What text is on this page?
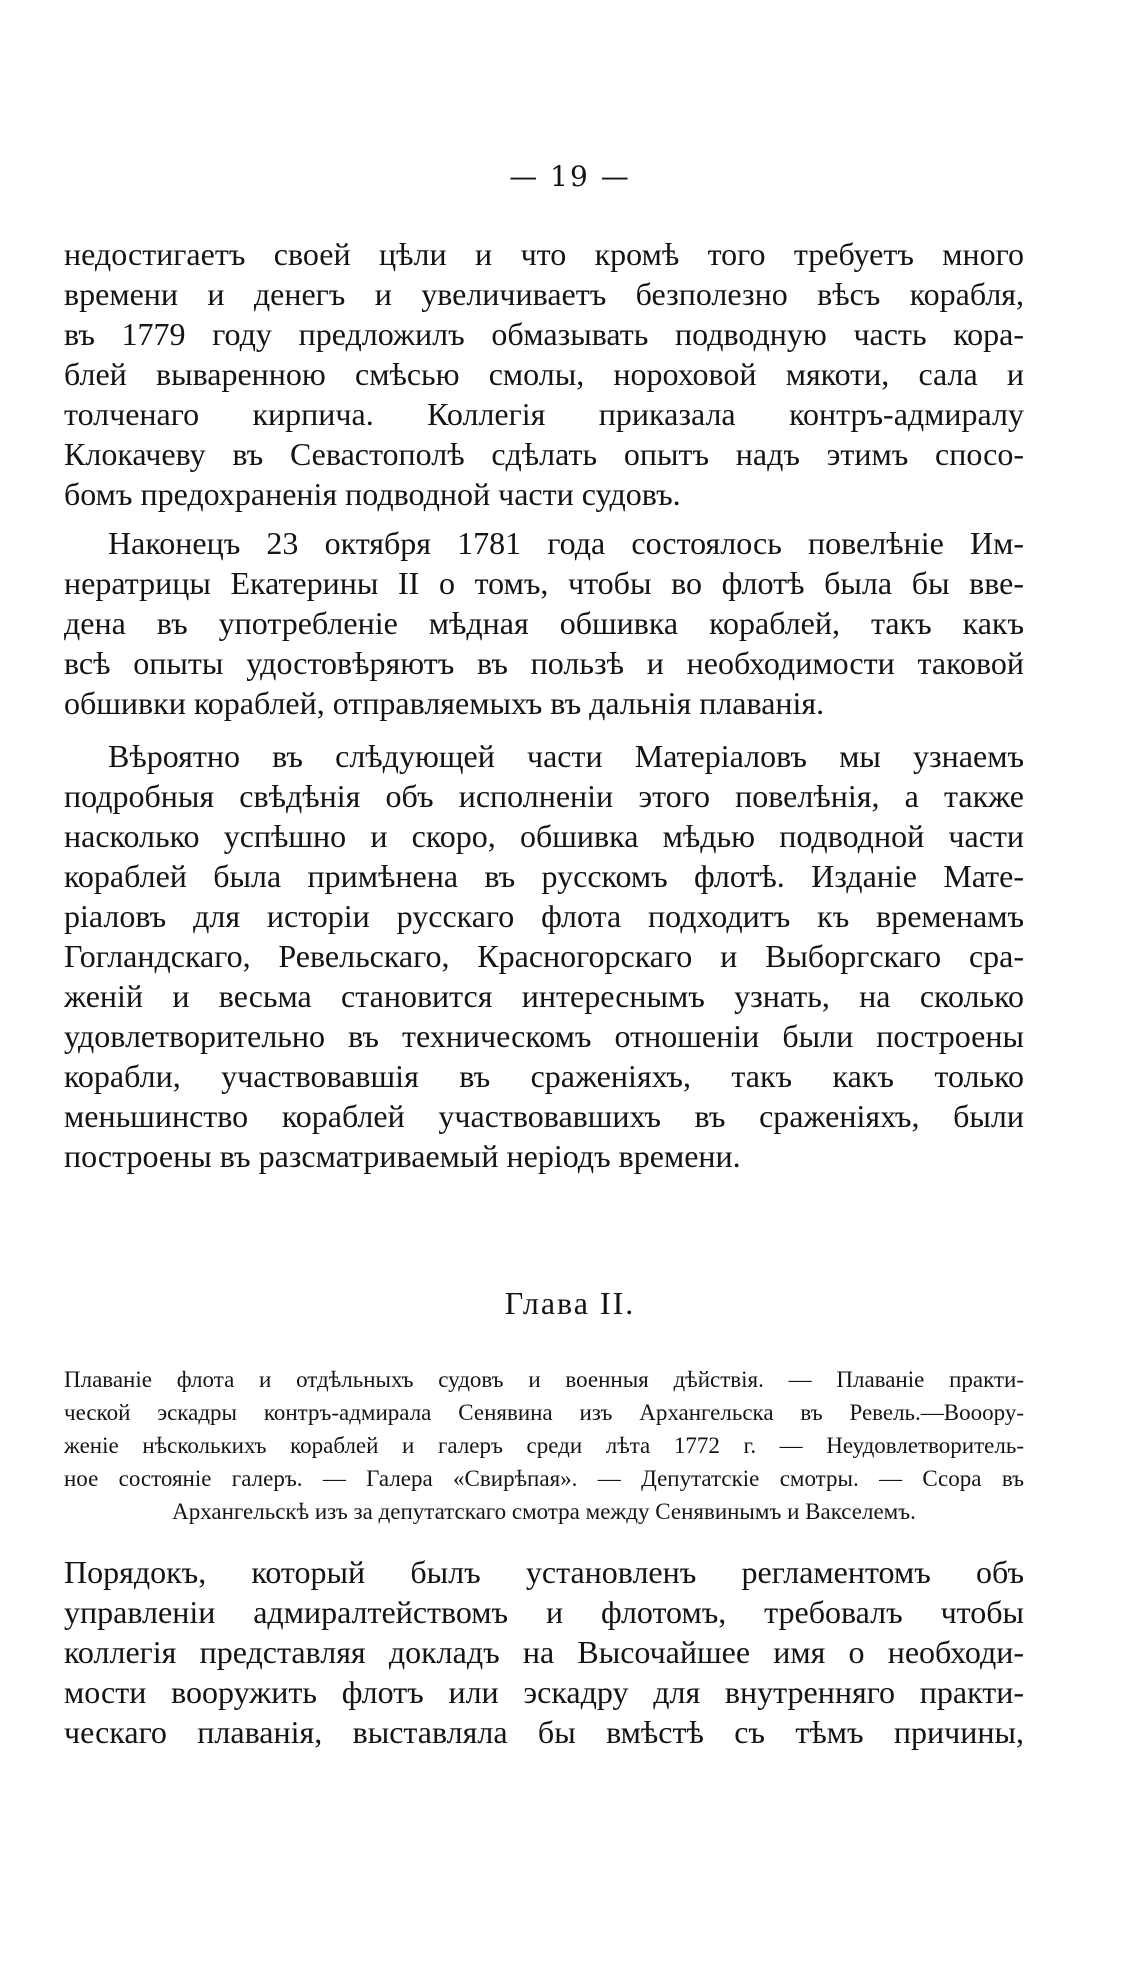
— 19 —
недостигаетъ своей цѣли и что кромѣ того требуетъ много
времени и денегъ и увеличиваетъ безполезно вѣсъ корабля,
въ 1779 году предложилъ обмазывать подводную часть кора-
блей вываренною смѣсью смолы, нороховой мякоти, сала и
толченаго кирпича. Коллегія приказала контръ-адмиралу
Клокачеву въ Севастополѣ сдѣлать опытъ надъ этимъ спосо-
бомъ предохраненія подводной части судовъ.
Наконецъ 23 октября 1781 года состоялось повелѣніе Им-
нератрицы Екатерины II о томъ, чтобы во флотѣ была бы вве-
дена въ употребленіе мѣдная обшивка кораблей, такъ какъ
всѣ опыты удостовѣряютъ въ пользѣ и необходимости таковой
обшивки кораблей, отправляемыхъ въ дальнія плаванія.
Вѣроятно въ слѣдующей части Матеріаловъ мы узнаемъ
подробныя свѣдѣнія объ исполненіи этого повелѣнія, а также
насколько успѣшно и скоро, обшивка мѣдью подводной части
кораблей была примѣнена въ русскомъ флотѣ. Изданіе Мате-
ріаловъ для исторіи русскаго флота подходитъ къ временамъ
Гогландскаго, Ревельскаго, Красногорскаго и Выборгскаго сра-
женій и весьма становится интереснымъ узнать, на сколько
удовлетворительно въ техническомъ отношеніи были построены
корабли, участвовавшія въ сраженіяхъ, такъ какъ только
меньшинство кораблей участвовавшихъ въ сраженіяхъ, были
построены въ разсматриваемый неріодъ времени.
Глава II.
Плаваніе флота и отдѣльныхъ судовъ и военныя дѣйствія. — Плаваніе практи-
ческой эскадры контръ-адмирала Сенявина изъ Архангельска въ Ревель.—Вооору-
женіе нѣсколькихъ кораблей и галеръ среди лѣта 1772 г. — Неудовлетворитель-
ное состояніе галеръ. — Галера «Свирѣпая». — Депутатскіе смотры. — Ссора въ
Архангельскѣ изъ за депутатскаго смотра между Сенявинымъ и Вакселемъ.
Порядокъ, который былъ установленъ регламентомъ объ
управленіи адмиралтействомъ и флотомъ, требовалъ чтобы
коллегія представляя докладъ на Высочайшее имя о необходи-
мости вооружить флотъ или эскадру для внутренняго практи-
ческаго плаванія, выставляла бы вмѣстѣ съ тѣмъ причины,
